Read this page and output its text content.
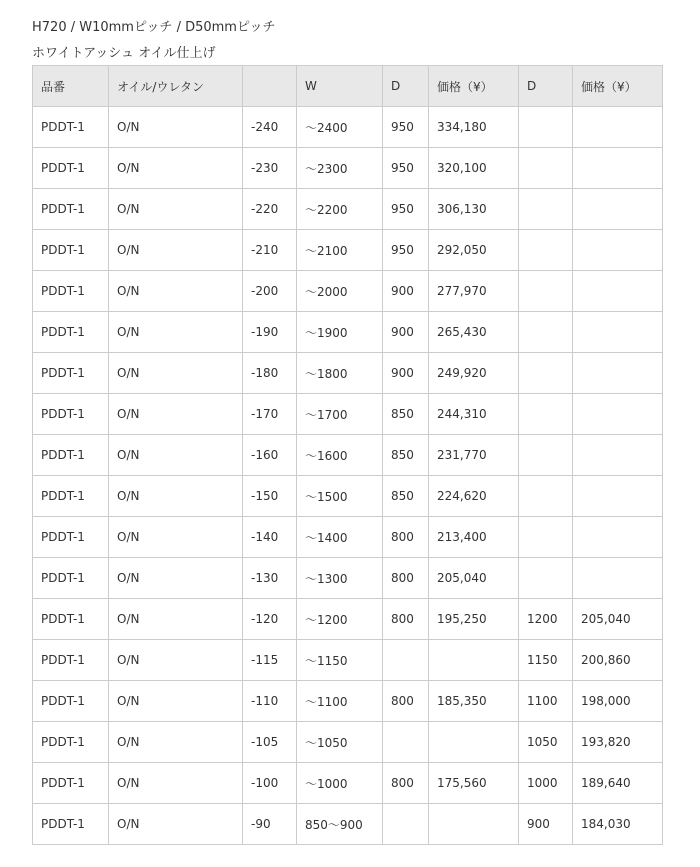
H720 / W10mmピッチ / D50mmピッチ
ホワイトアッシュ オイル仕上げ
品番	オイル/ウレタン		W	D	価格（¥）	D	価格（¥）
PDDT-1	O/N	-240	～2400	950	334,180		
PDDT-1	O/N	-230	～2300	950	320,100		
PDDT-1	O/N	-220	～2200	950	306,130		
PDDT-1	O/N	-210	～2100	950	292,050		
PDDT-1	O/N	-200	～2000	900	277,970		
PDDT-1	O/N	-190	～1900	900	265,430		
PDDT-1	O/N	-180	～1800	900	249,920		
PDDT-1	O/N	-170	～1700	850	244,310		
PDDT-1	O/N	-160	～1600	850	231,770		
PDDT-1	O/N	-150	～1500	850	224,620		
PDDT-1	O/N	-140	～1400	800	213,400		
PDDT-1	O/N	-130	～1300	800	205,040		
PDDT-1	O/N	-120	～1200	800	195,250	1200	205,040
PDDT-1	O/N	-115	～1150			1150	200,860
PDDT-1	O/N	-110	～1100	800	185,350	1100	198,000
PDDT-1	O/N	-105	～1050			1050	193,820
PDDT-1	O/N	-100	～1000	800	175,560	1000	189,640
PDDT-1	O/N	-90	850～900			900	184,030
